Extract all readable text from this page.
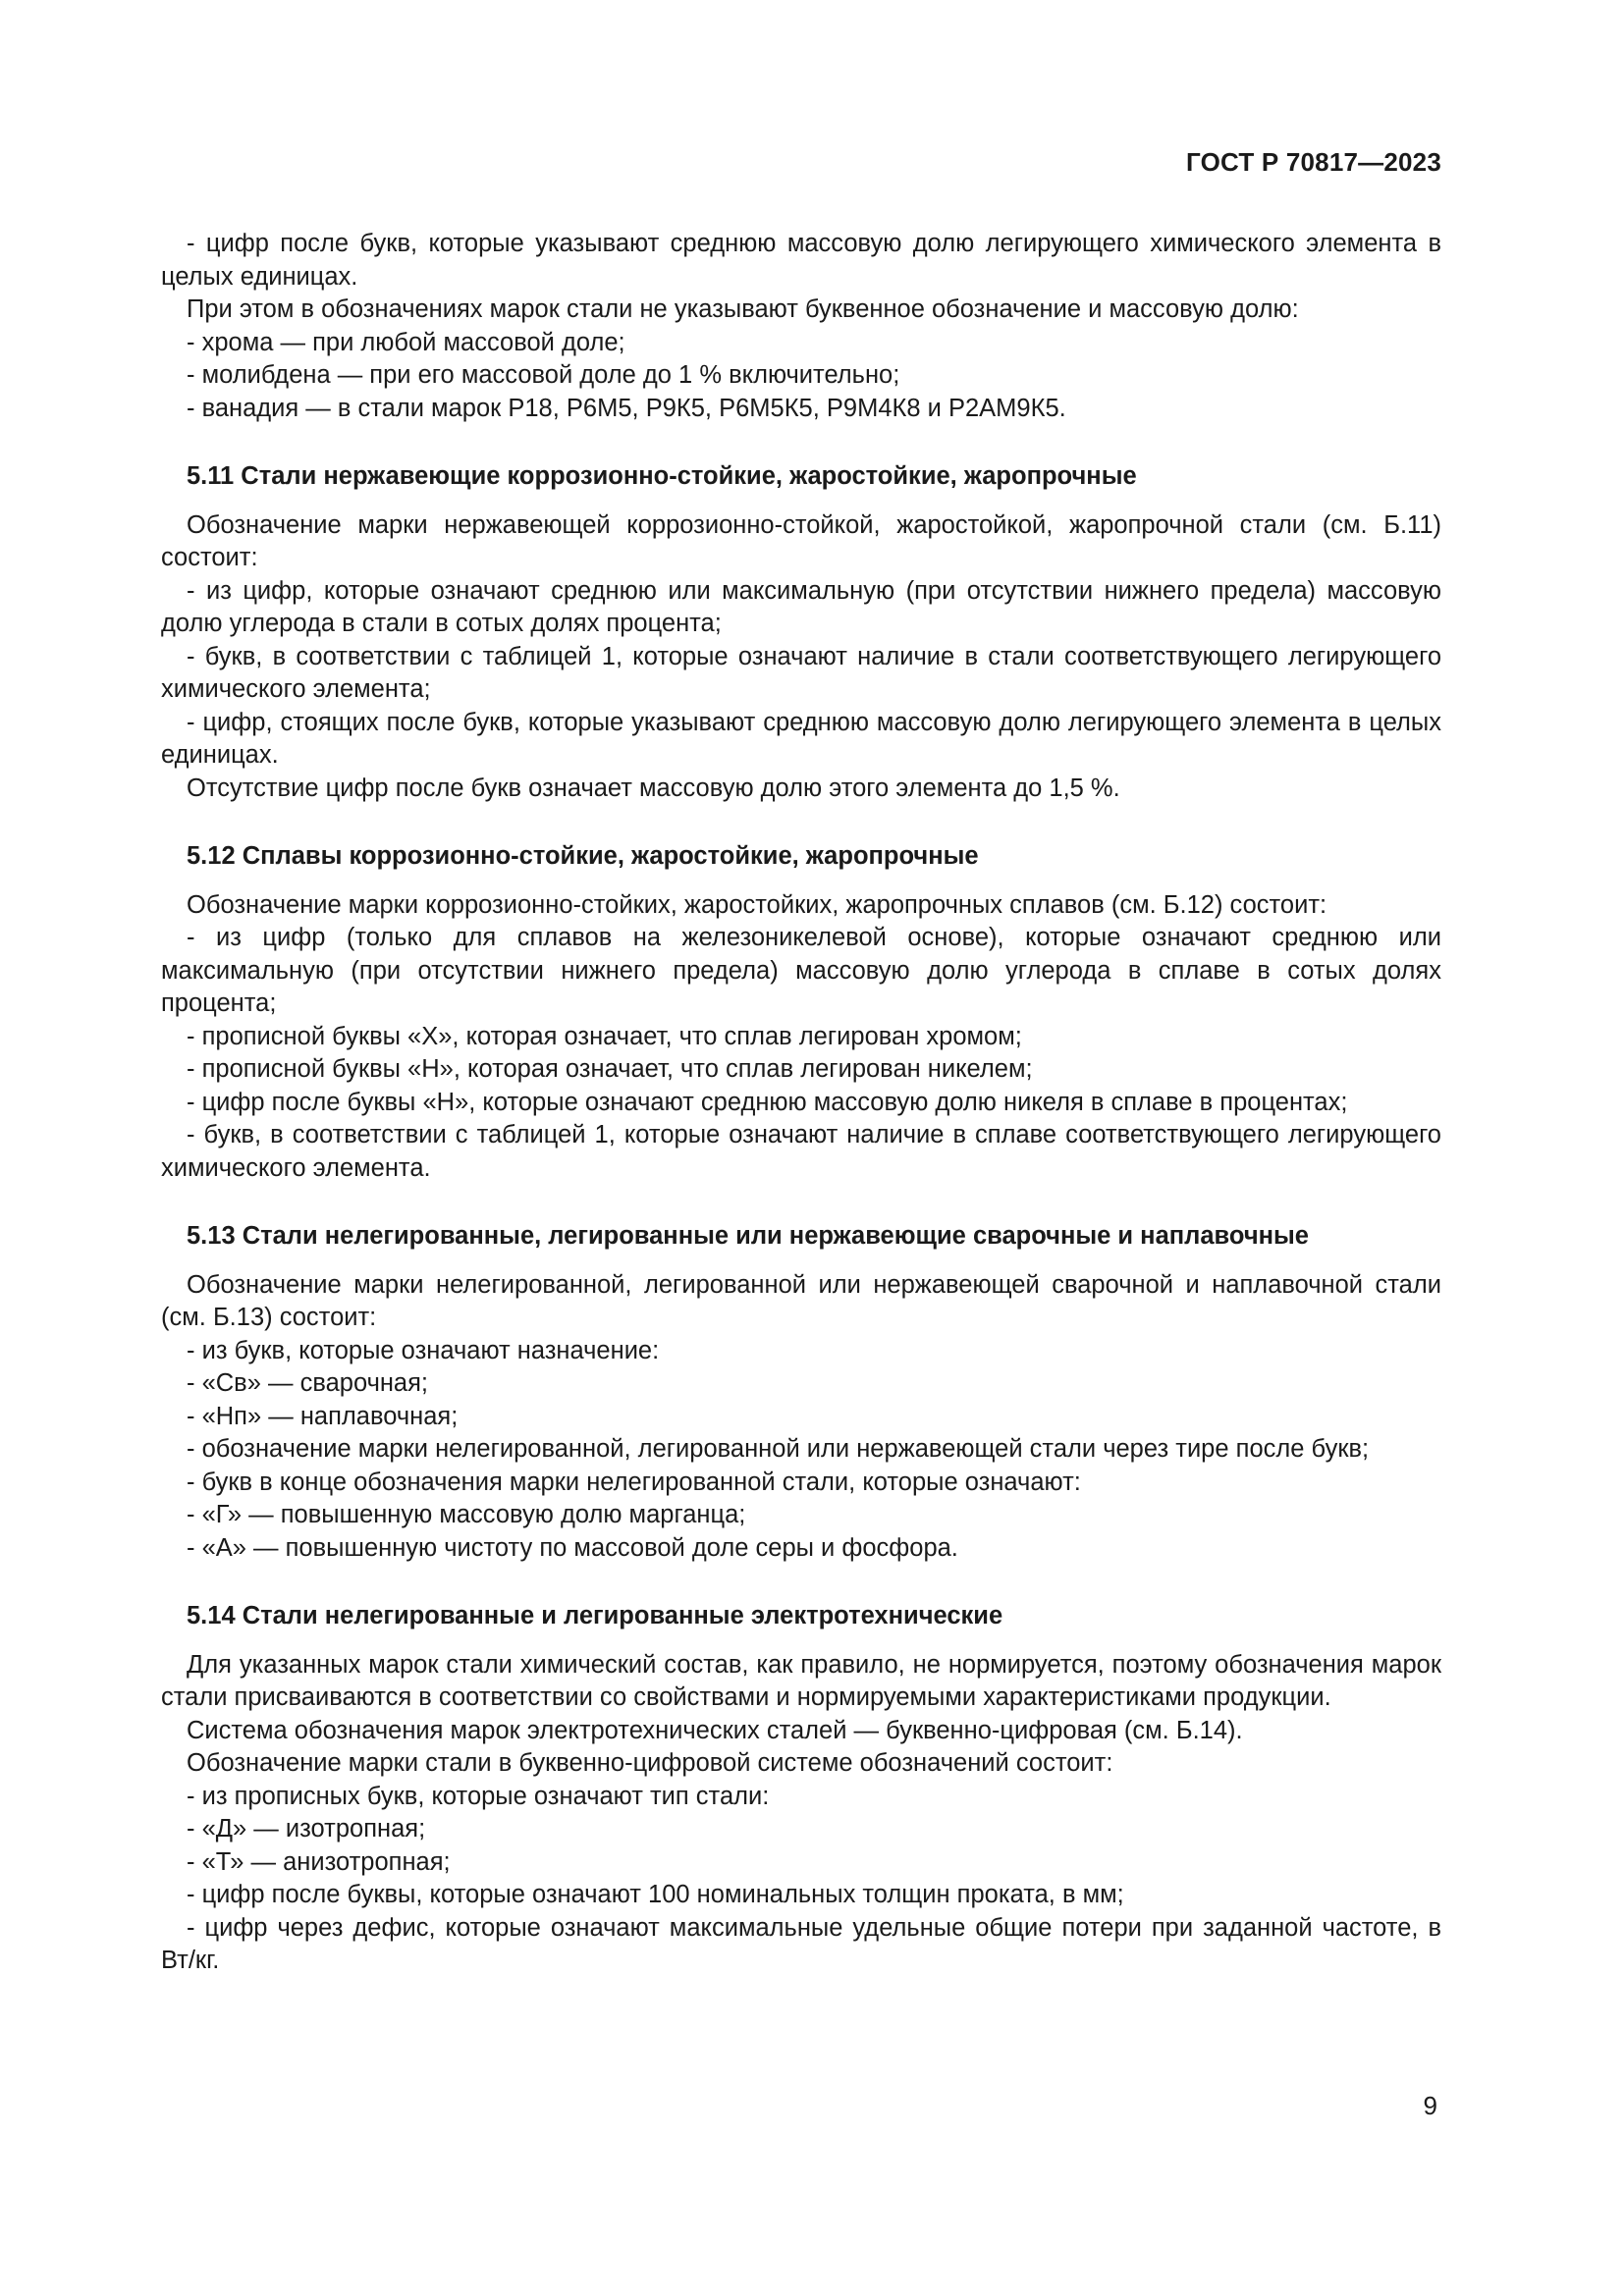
ГОСТ Р 70817—2023

- цифр после букв, которые указывают среднюю массовую долю легирующего химического элемента в целых единицах.

При этом в обозначениях марок стали не указывают буквенное обозначение и массовую долю:

- хрома — при любой массовой доле;

- молибдена — при его массовой доле до 1 % включительно;

- ванадия — в стали марок Р18, Р6М5, Р9К5, Р6М5К5, Р9М4К8 и Р2АМ9К5.

5.11 Стали нержавеющие коррозионно-стойкие, жаростойкие, жаропрочные

Обозначение марки нержавеющей коррозионно-стойкой, жаростойкой, жаропрочной стали (см. Б.11) состоит:

- из цифр, которые означают среднюю или максимальную (при отсутствии нижнего предела) массовую долю углерода в стали в сотых долях процента;

- букв, в соответствии с таблицей 1, которые означают наличие в стали соответствующего легирующего химического элемента;

- цифр, стоящих после букв, которые указывают среднюю массовую долю легирующего элемента в целых единицах.

Отсутствие цифр после букв означает массовую долю этого элемента до 1,5 %.

5.12 Сплавы коррозионно-стойкие, жаростойкие, жаропрочные

Обозначение марки коррозионно-стойких, жаростойких, жаропрочных сплавов (см. Б.12) состоит:

- из цифр (только для сплавов на железоникелевой основе), которые означают среднюю или максимальную (при отсутствии нижнего предела) массовую долю углерода в сплаве в сотых долях процента;

- прописной буквы «Х», которая означает, что сплав легирован хромом;

- прописной буквы «Н», которая означает, что сплав легирован никелем;

- цифр после буквы «Н», которые означают среднюю массовую долю никеля в сплаве в процентах;

- букв, в соответствии с таблицей 1, которые означают наличие в сплаве соответствующего легирующего химического элемента.

5.13 Стали нелегированные, легированные или нержавеющие сварочные и наплавочные

Обозначение марки нелегированной, легированной или нержавеющей сварочной и наплавочной стали (см. Б.13) состоит:

- из букв, которые означают назначение:

- «Св» — сварочная;

- «Нп» — наплавочная;

- обозначение марки нелегированной, легированной или нержавеющей стали через тире после букв;

- букв в конце обозначения марки нелегированной стали, которые означают:

- «Г» — повышенную массовую долю марганца;

- «А» — повышенную чистоту по массовой доле серы и фосфора.

5.14 Стали нелегированные и легированные электротехнические

Для указанных марок стали химический состав, как правило, не нормируется, поэтому обозначения марок стали присваиваются в соответствии со свойствами и нормируемыми характеристиками продукции.

Система обозначения марок электротехнических сталей — буквенно-цифровая (см. Б.14).

Обозначение марки стали в буквенно-цифровой системе обозначений состоит:

- из прописных букв, которые означают тип стали:

- «Д» — изотропная;

- «Т» — анизотропная;

- цифр после буквы, которые означают 100 номинальных толщин проката, в мм;

- цифр через дефис, которые означают максимальные удельные общие потери при заданной частоте, в Вт/кг.

9
